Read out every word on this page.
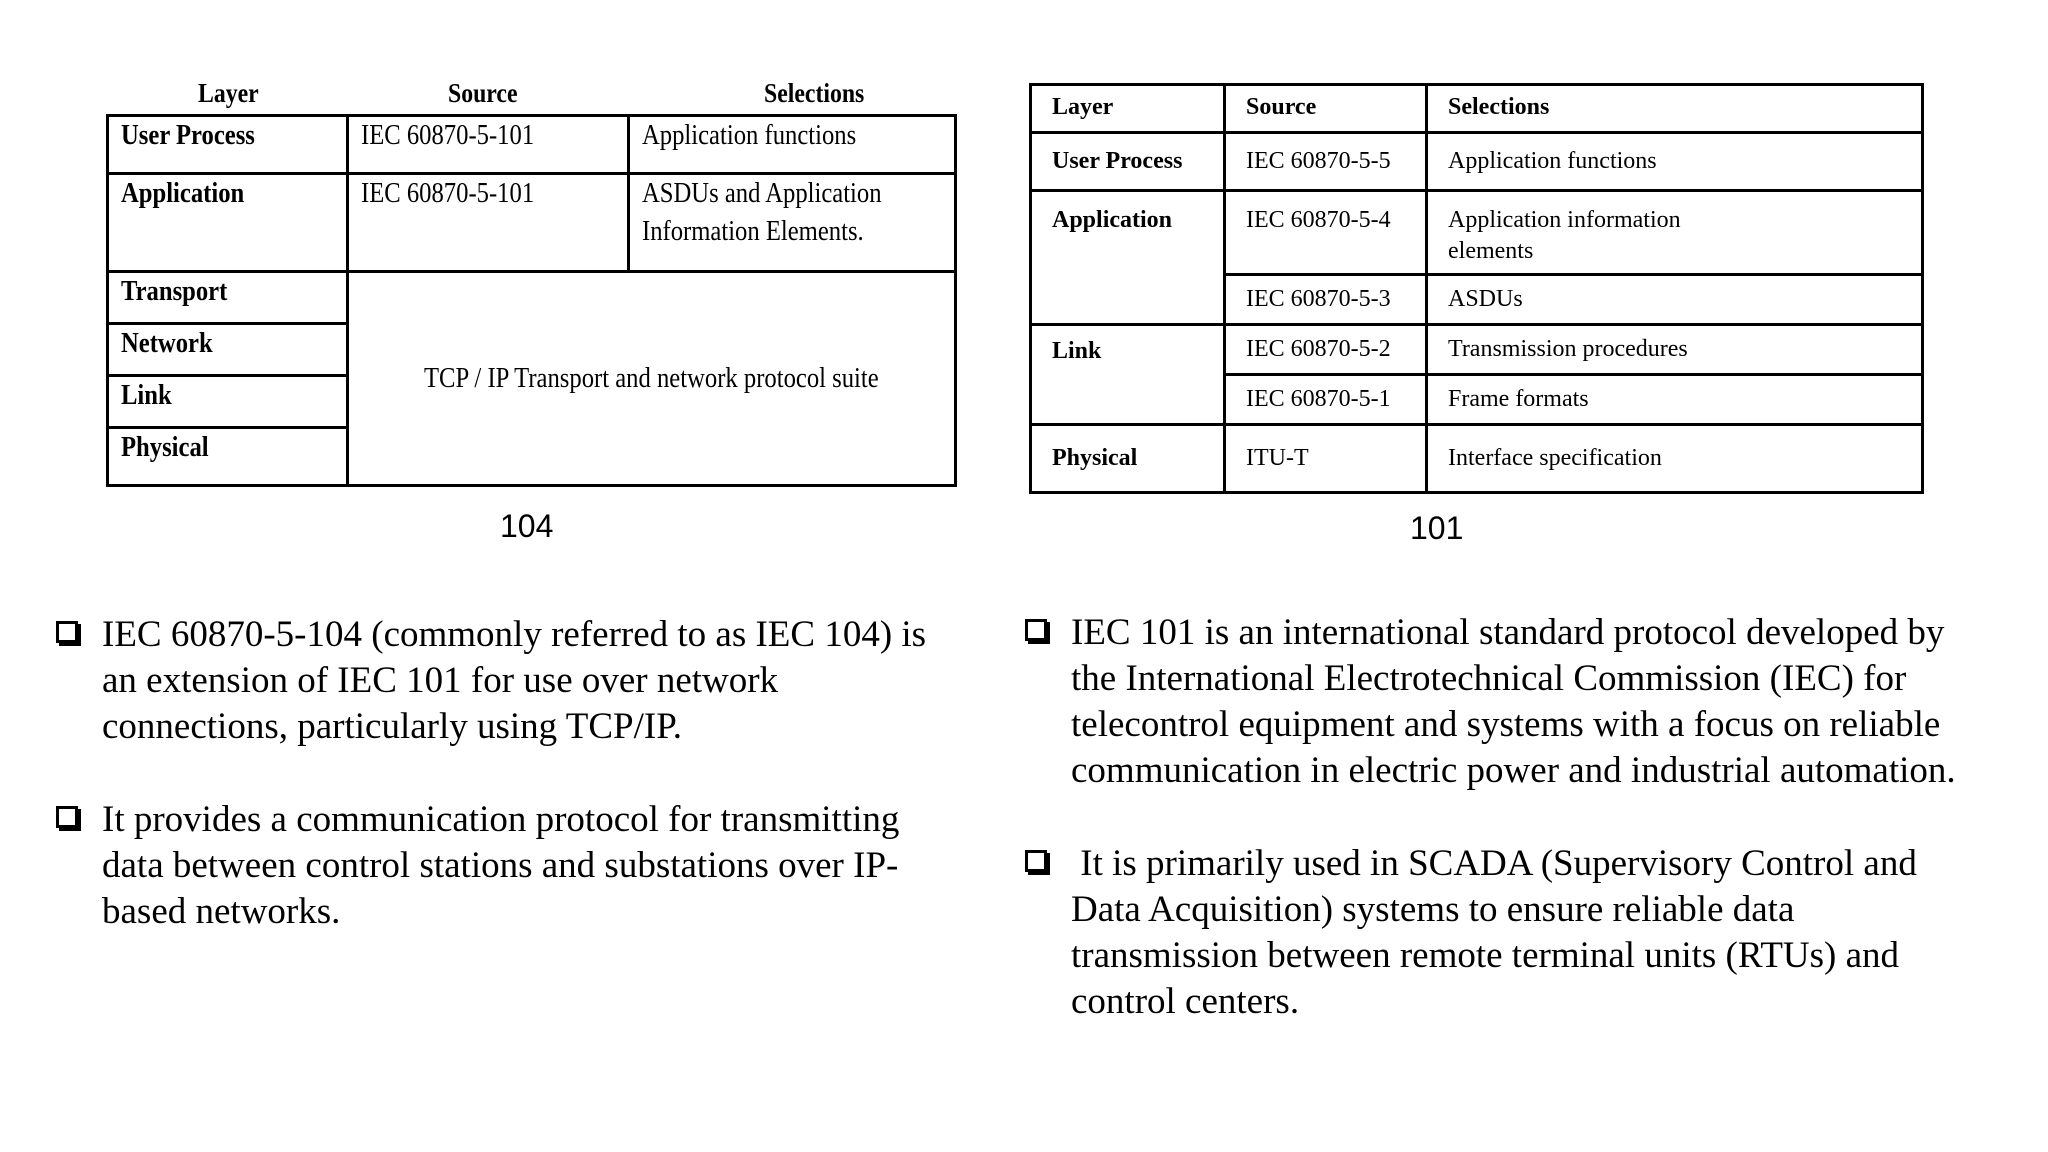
Layer	Source	Selections
User Process	IEC 60870-5-101	Application functions
Application	IEC 60870-5-101	ASDUs and Application
Information Elements.
Transport	TCP / IP Transport and network protocol suite	
Network		
Link		
Physical		
104
Layer	Source	Selections
User Process	IEC 60870-5-5	Application functions
Application	IEC 60870-5-4	Application information
elements
	IEC 60870-5-3	ASDUs
Link	IEC 60870-5-2	Transmission procedures
	IEC 60870-5-1	Frame formats
Physical	ITU-T	Interface specification
101
IEC 60870-5-104 (commonly referred to as IEC 104) is
an extension of IEC 101 for use over network
connections, particularly using TCP/IP.
It provides a communication protocol for transmitting
data between control stations and substations over IP-
based networks.
IEC 101 is an international standard protocol developed by
the International Electrotechnical Commission (IEC) for
telecontrol equipment and systems with a focus on reliable
communication in electric power and industrial automation.
It is primarily used in SCADA (Supervisory Control and
Data Acquisition) systems to ensure reliable data
transmission between remote terminal units (RTUs) and
control centers.
